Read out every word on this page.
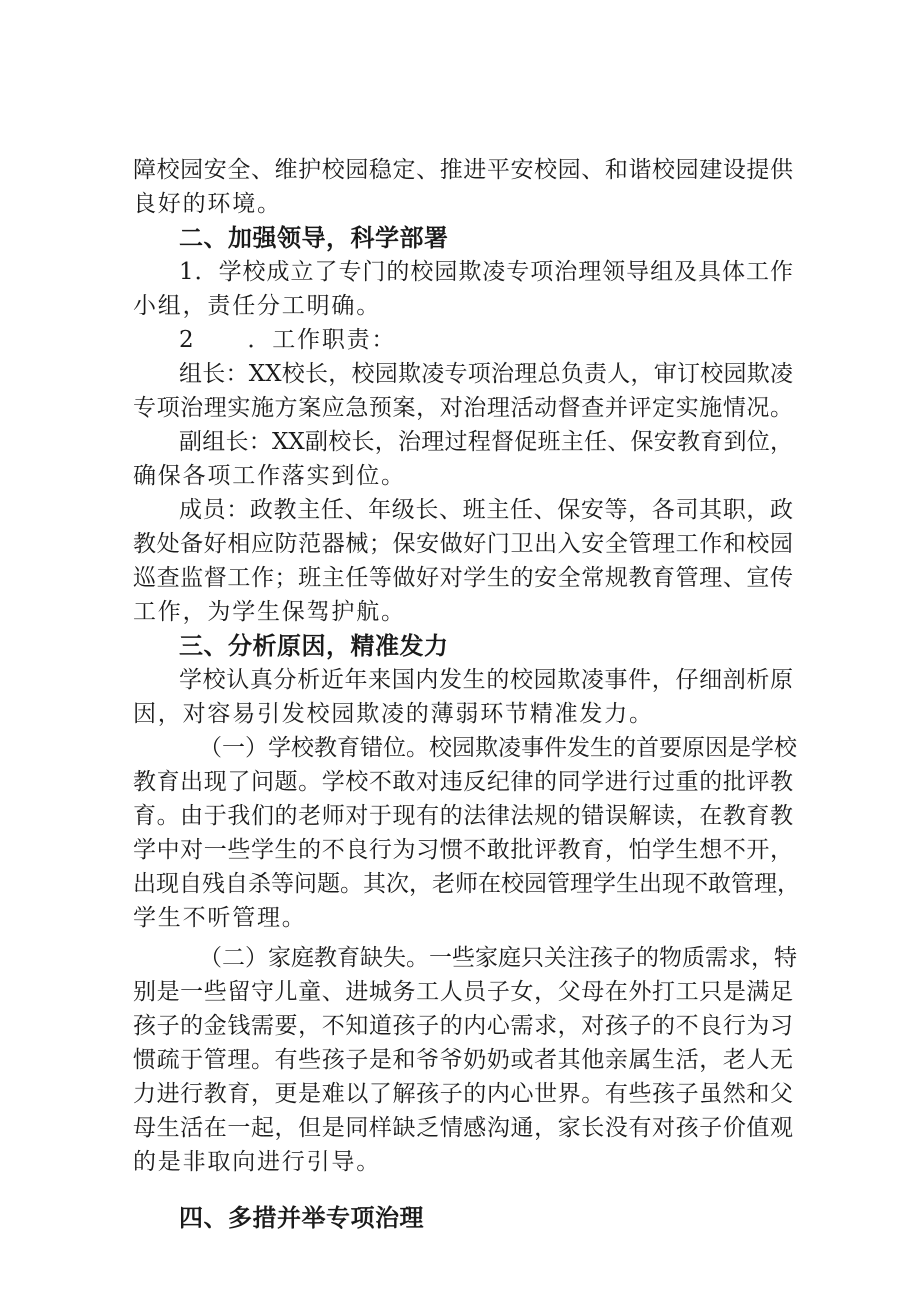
障校园安全、维护校园稳定、推进平安校园、和谐校园建设提供
良好的环境。
二、加强领导，科学部署
1．学校成立了专门的校园欺凌专项治理领导组及具体工作
小组，责任分工明确。
2 ．工作职责：
组长：XX校长，校园欺凌专项治理总负责人，审订校园欺凌
专项治理实施方案应急预案，对治理活动督查并评定实施情况。
副组长：XX副校长，治理过程督促班主任、保安教育到位，
确保各项工作落实到位。
成员：政教主任、年级长、班主任、保安等，各司其职，政
教处备好相应防范器械；保安做好门卫出入安全管理工作和校园
巡查监督工作；班主任等做好对学生的安全常规教育管理、宣传
工作，为学生保驾护航。
三、分析原因，精准发力
学校认真分析近年来国内发生的校园欺凌事件，仔细剖析原
因，对容易引发校园欺凌的薄弱环节精准发力。
（一）学校教育错位。校园欺凌事件发生的首要原因是学校
教育出现了问题。学校不敢对违反纪律的同学进行过重的批评教
育。由于我们的老师对于现有的法律法规的错误解读，在教育教
学中对一些学生的不良行为习惯不敢批评教育，怕学生想不开，
出现自残自杀等问题。其次，老师在校园管理学生出现不敢管理，
学生不听管理。
（二）家庭教育缺失。一些家庭只关注孩子的物质需求，特
别是一些留守儿童、进城务工人员子女，父母在外打工只是满足
孩子的金钱需要，不知道孩子的内心需求，对孩子的不良行为习
惯疏于管理。有些孩子是和爷爷奶奶或者其他亲属生活，老人无
力进行教育，更是难以了解孩子的内心世界。有些孩子虽然和父
母生活在一起，但是同样缺乏情感沟通，家长没有对孩子价值观
的是非取向进行引导。
四、多措并举专项治理
